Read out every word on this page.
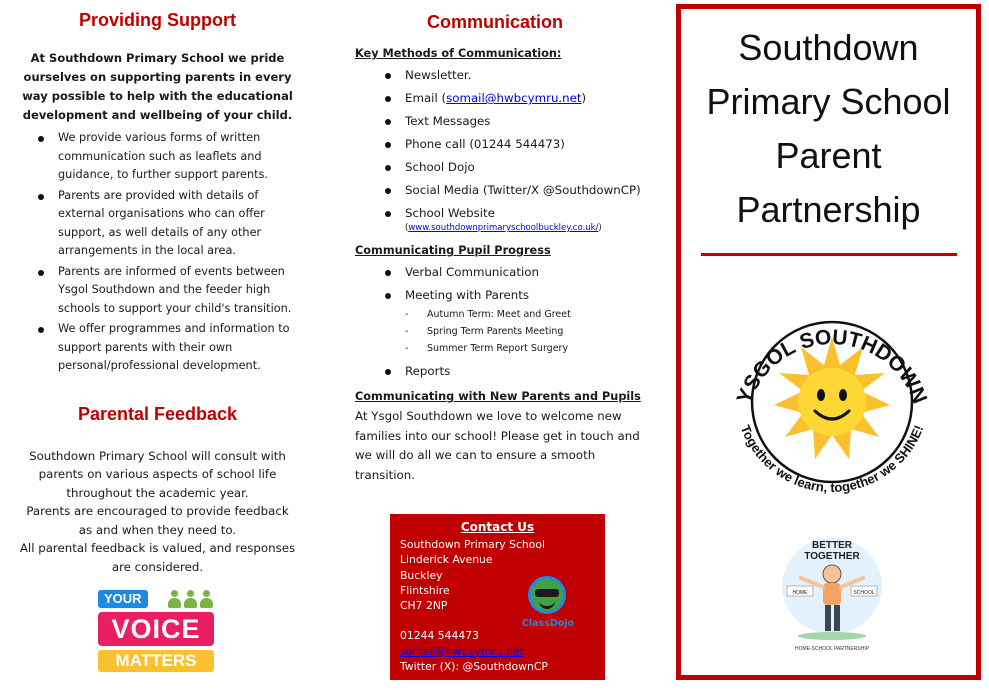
Providing Support

At Southdown Primary School we pride ourselves on supporting parents in every way possible to help with the educational development and wellbeing of your child.

We provide various forms of written communication such as leaflets and guidance, to further support parents.
Parents are provided with details of external organisations who can offer support, as well details of any other arrangements in the local area.
Parents are informed of events between Ysgol Southdown and the feeder high schools to support your child's transition.
We offer programmes and information to support parents with their own personal/professional development.
Parental Feedback
Southdown Primary School will consult with parents on various aspects of school life throughout the academic year.
Parents are encouraged to provide feedback as and when they need to.
All parental feedback is valued, and responses are considered.
YOUR
VOICE
MATTERS
Communication
Key Methods of Communication:
Newsletter.
Email (somail@hwbcymru.net)
Text Messages
Phone call (01244 544473)
School Dojo
Social Media (Twitter/X @SouthdownCP)
School Website
(www.southdownprimaryschoolbuckley.co.uk/)
Communicating Pupil Progress
Verbal Communication
Meeting with Parents
- Autumn Term: Meet and Greet
- Spring Term Parents Meeting
- Summer Term Report Surgery
Reports
Communicating with New Parents and Pupils

At Ysgol Southdown we love to welcome new families into our school! Please get in touch and we will do all we can to ensure a smooth transition.

Contact Us
Southdown Primary School
Linderick Avenue
Buckley
Flintshire
CH7 2NP
01244 544473
somail@hwbcymru.net
Twitter (X): @SouthdownCP
ClassDojo
Southdown
Primary School
Parent
Partnership
YSGOL SOUTHDOWN
Together we learn, together we SHINE!
BETTER
TOGETHER
HOME	SCHOOL
HOME-SCHOOL PARTNERSHIP
